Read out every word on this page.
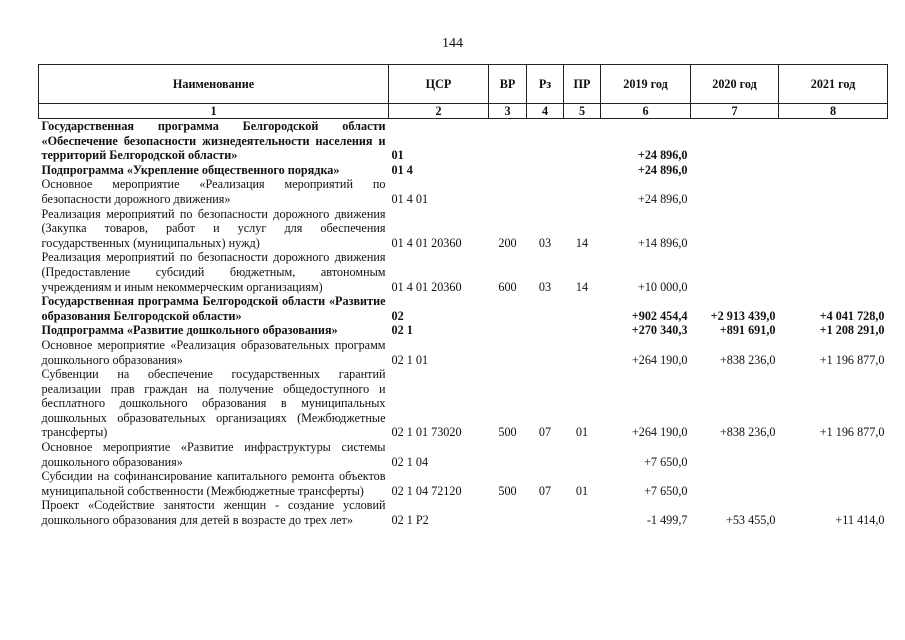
144
Наименование	ЦСР	ВР	Рз	ПР	2019 год	2020 год	2021 год
1	2	3	4	5	6	7	8
Государственная программа Белгородской области «Обеспечение безопасности жизнедеятельности населения и территорий Белгородской области»	01				+24 896,0		
Подпрограмма «Укрепление общественного порядка»	01 4				+24 896,0		
Основное мероприятие «Реализация мероприятий по безопасности дорожного движения»	01 4 01				+24 896,0		
Реализация мероприятий по безопасности дорожного движения (Закупка товаров, работ и услуг для обеспечения государственных (муниципальных) нужд)	01 4 01 20360	200	03	14	+14 896,0		
Реализация мероприятий по безопасности дорожного движения (Предоставление субсидий бюджетным, автономным учреждениям и иным некоммерческим организациям)	01 4 01 20360	600	03	14	+10 000,0		
Государственная программа Белгородской области «Развитие образования Белгородской области»	02				+902 454,4	+2 913 439,0	+4 041 728,0
Подпрограмма «Развитие дошкольного образования»	02 1				+270 340,3	+891 691,0	+1 208 291,0
Основное мероприятие «Реализация образовательных программ дошкольного образования»	02 1 01				+264 190,0	+838 236,0	+1 196 877,0
Субвенции на обеспечение государственных гарантий реализации прав граждан на получение общедоступного и бесплатного дошкольного образования в муниципальных дошкольных образовательных организациях (Межбюджетные трансферты)	02 1 01 73020	500	07	01	+264 190,0	+838 236,0	+1 196 877,0
Основное мероприятие «Развитие инфраструктуры системы дошкольного образования»	02 1 04				+7 650,0		
Субсидии на софинансирование капитального ремонта объектов муниципальной собственности (Межбюджетные трансферты)	02 1 04 72120	500	07	01	+7 650,0		
Проект «Содействие занятости женщин - создание условий дошкольного образования для детей в возрасте до трех лет»	02 1 P2				-1 499,7	+53 455,0	+11 414,0
